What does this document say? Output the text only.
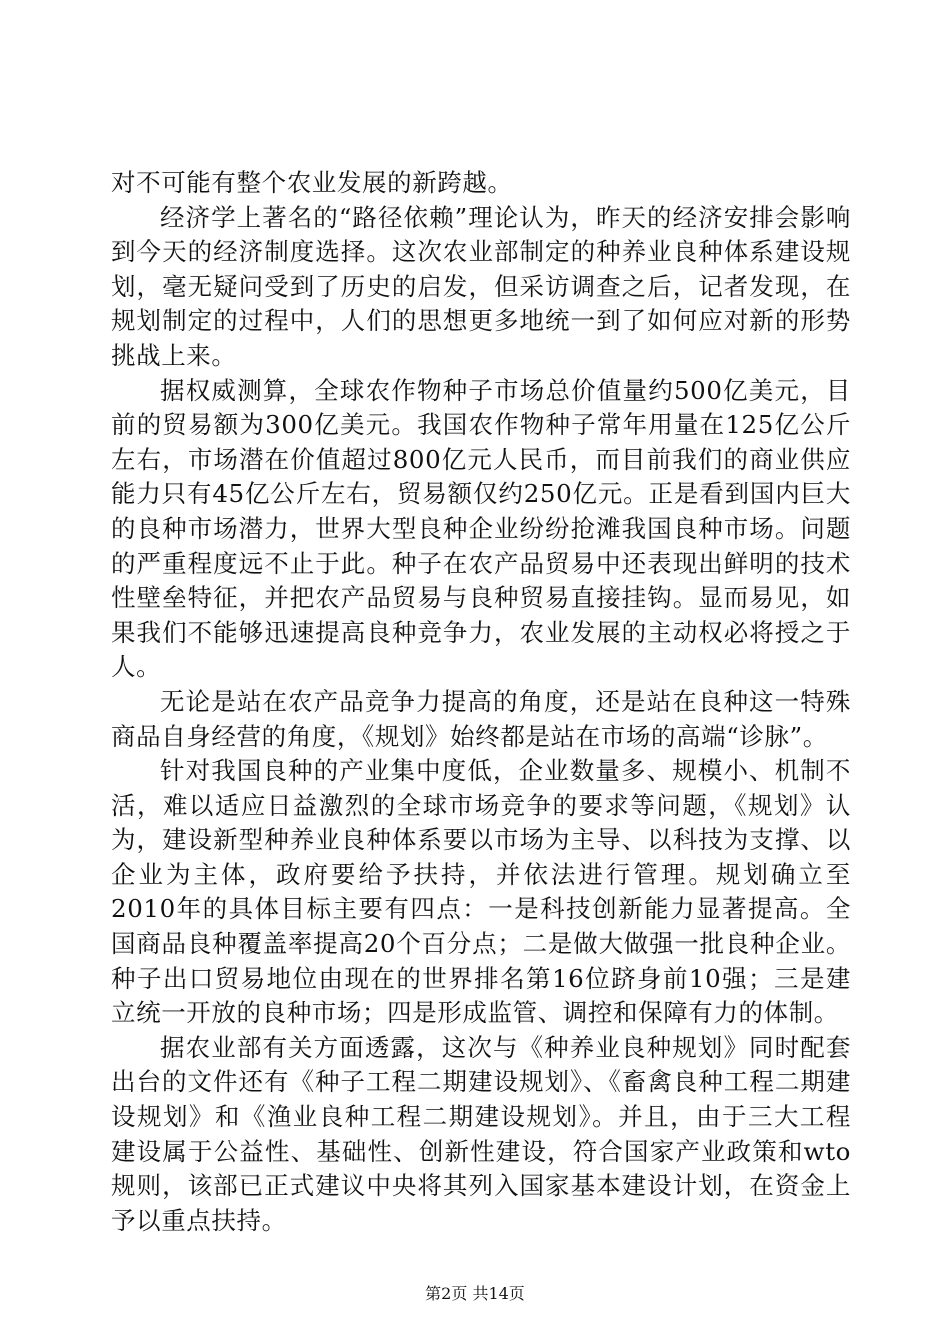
对不可能有整个农业发展的新跨越。

经济学上著名的“路径依赖”理论认为，昨天的经济安排会影响到今天的经济制度选择。这次农业部制定的种养业良种体系建设规划，毫无疑问受到了历史的启发，但采访调查之后，记者发现，在规划制定的过程中，人们的思想更多地统一到了如何应对新的形势挑战上来。

据权威测算，全球农作物种子市场总价值量约500亿美元，目前的贸易额为300亿美元。我国农作物种子常年用量在125亿公斤左右，市场潜在价值超过800亿元人民币，而目前我们的商业供应能力只有45亿公斤左右，贸易额仅约250亿元。正是看到国内巨大的良种市场潜力，世界大型良种企业纷纷抢滩我国良种市场。问题的严重程度远不止于此。种子在农产品贸易中还表现出鲜明的技术性壁垒特征，并把农产品贸易与良种贸易直接挂钩。显而易见，如果我们不能够迅速提高良种竞争力，农业发展的主动权必将授之于人。

无论是站在农产品竞争力提高的角度，还是站在良种这一特殊商品自身经营的角度，《规划》始终都是站在市场的高端“诊脉”。

针对我国良种的产业集中度低，企业数量多、规模小、机制不活，难以适应日益激烈的全球市场竞争的要求等问题，《规划》认为，建设新型种养业良种体系要以市场为主导、以科技为支撑、以企业为主体，政府要给予扶持，并依法进行管理。规划确立至2010年的具体目标主要有四点：一是科技创新能力显著提高。全国商品良种覆盖率提高20个百分点；二是做大做强一批良种企业。种子出口贸易地位由现在的世界排名第16位跻身前10强；三是建立统一开放的良种市场；四是形成监管、调控和保障有力的体制。

据农业部有关方面透露，这次与《种养业良种规划》同时配套出台的文件还有《种子工程二期建设规划》、《畜禽良种工程二期建设规划》和《渔业良种工程二期建设规划》。并且，由于三大工程建设属于公益性、基础性、创新性建设，符合国家产业政策和wto规则，该部已正式建议中央将其列入国家基本建设计划，在资金上予以重点扶持。

第2页 共14页
